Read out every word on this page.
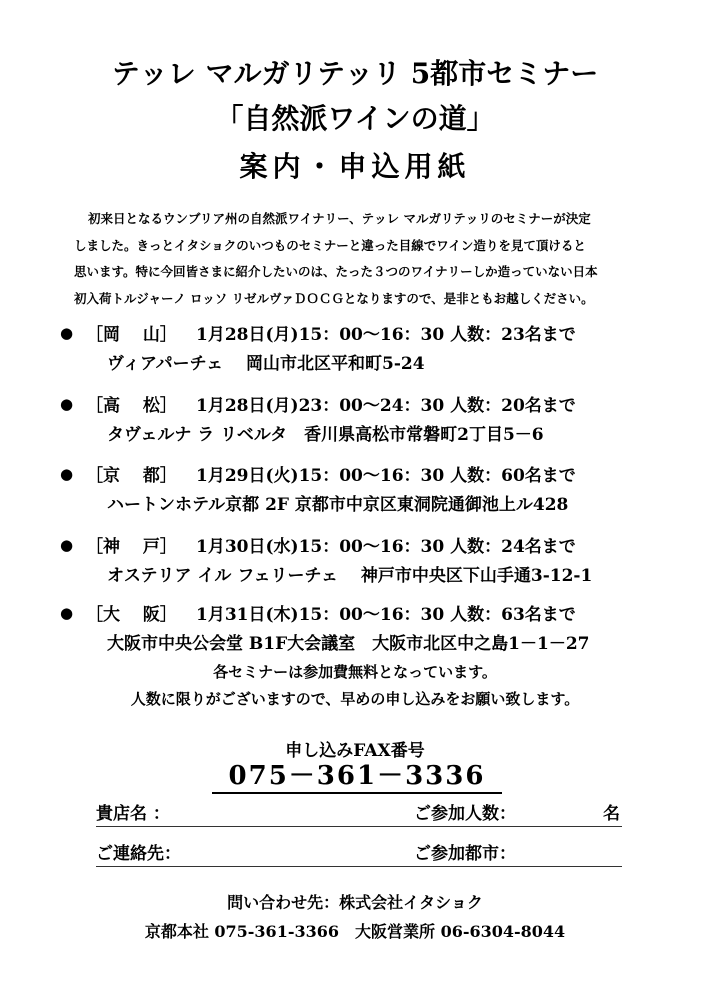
テッレ マルガリテッリ 5都市セミナー
「自然派ワインの道」
案内・申込用紙
初来日となるウンブリア州の自然派ワイナリー、テッレ マルガリテッリのセミナーが決定
しました。きっとイタショクのいつものセミナーと違った目線でワイン造りを見て頂けると
思います。特に今回皆さまに紹介したいのは、たった３つのワイナリーしか造っていない日本
初入荷トルジャーノ ロッソ リゼルヴァＤＯＣＧとなりますので、是非ともお越しください。
● ［岡　 山］	1月28日(月)15：00～16：30 人数：23名まで
ヴィアパーチェ　 岡山市北区平和町5-24
● ［高　 松］	1月28日(月)23：00～24：30 人数：20名まで
タヴェルナ ラ リベルタ　香川県高松市常磐町2丁目5－6
● ［京　 都］	1月29日(火)15：00～16：30 人数：60名まで
ハートンホテル京都 2F 京都市中京区東洞院通御池上ル428
● ［神　 戸］	1月30日(水)15：00～16：30 人数：24名まで
オステリア イル フェリーチェ　 神戸市中央区下山手通3-12-1
● ［大　 阪］	1月31日(木)15：00～16：30 人数：63名まで
大阪市中央公会堂 B1F大会議室　大阪市北区中之島1－1－27
各セミナーは参加費無料となっています。
人数に限りがございますので、早めの申し込みをお願い致します。
申し込みFAX番号
075－361－3336
貴店名 ：	ご参加人数：	名
ご連絡先：	ご参加都市：
問い合わせ先：株式会社イタショク
京都本社 075-361-3366　大阪営業所 06-6304-8044
